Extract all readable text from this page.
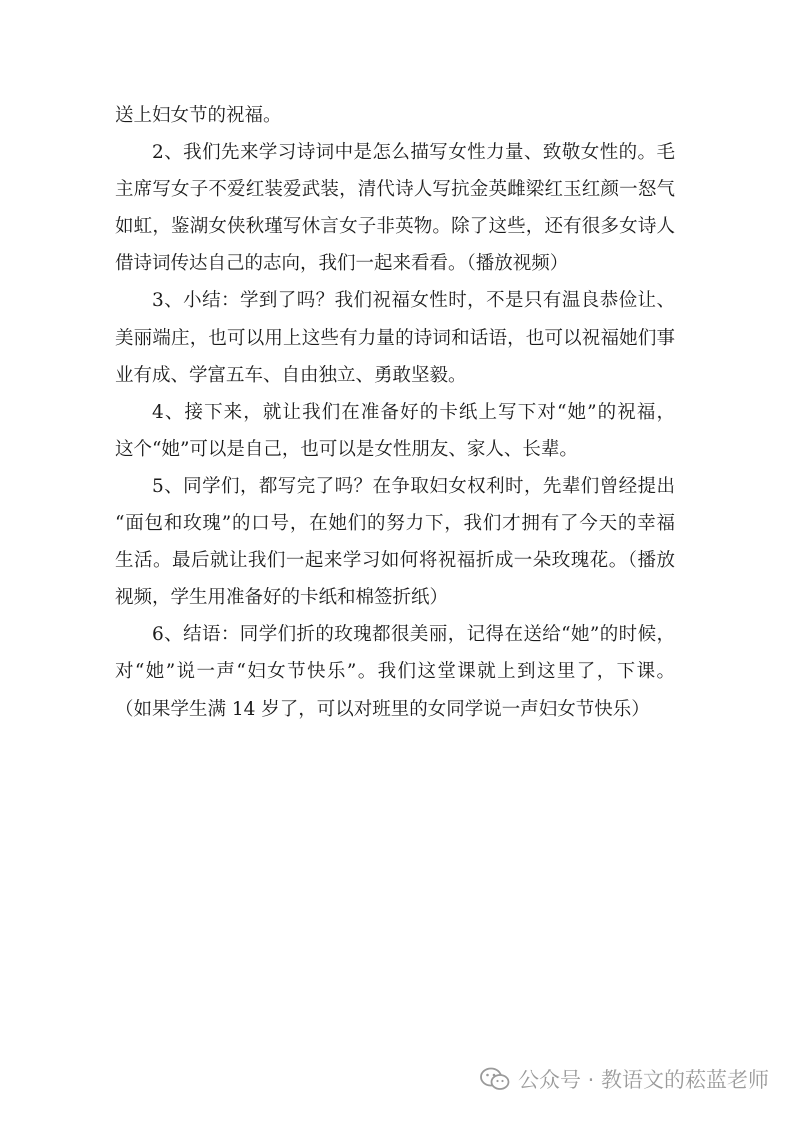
送上妇女节的祝福。
2、我们先来学习诗词中是怎么描写女性力量、致敬女性的。毛
主席写女子不爱红装爱武装，清代诗人写抗金英雌梁红玉红颜一怒气
如虹，鉴湖女侠秋瑾写休言女子非英物。除了这些，还有很多女诗人
借诗词传达自己的志向，我们一起来看看。（播放视频）
3、小结：学到了吗？我们祝福女性时，不是只有温良恭俭让、
美丽端庄，也可以用上这些有力量的诗词和话语，也可以祝福她们事
业有成、学富五车、自由独立、勇敢坚毅。
4、接下来，就让我们在准备好的卡纸上写下对“她”的祝福，
这个“她”可以是自己，也可以是女性朋友、家人、长辈。
5、同学们，都写完了吗？在争取妇女权利时，先辈们曾经提出
“面包和玫瑰”的口号，在她们的努力下，我们才拥有了今天的幸福
生活。最后就让我们一起来学习如何将祝福折成一朵玫瑰花。（播放
视频，学生用准备好的卡纸和棉签折纸）
6、结语：同学们折的玫瑰都很美丽，记得在送给“她”的时候，
对“她”说一声“妇女节快乐”。我们这堂课就上到这里了，下课。
（如果学生满 14 岁了，可以对班里的女同学说一声妇女节快乐）
公众号 · 教语文的菘蓝老师
